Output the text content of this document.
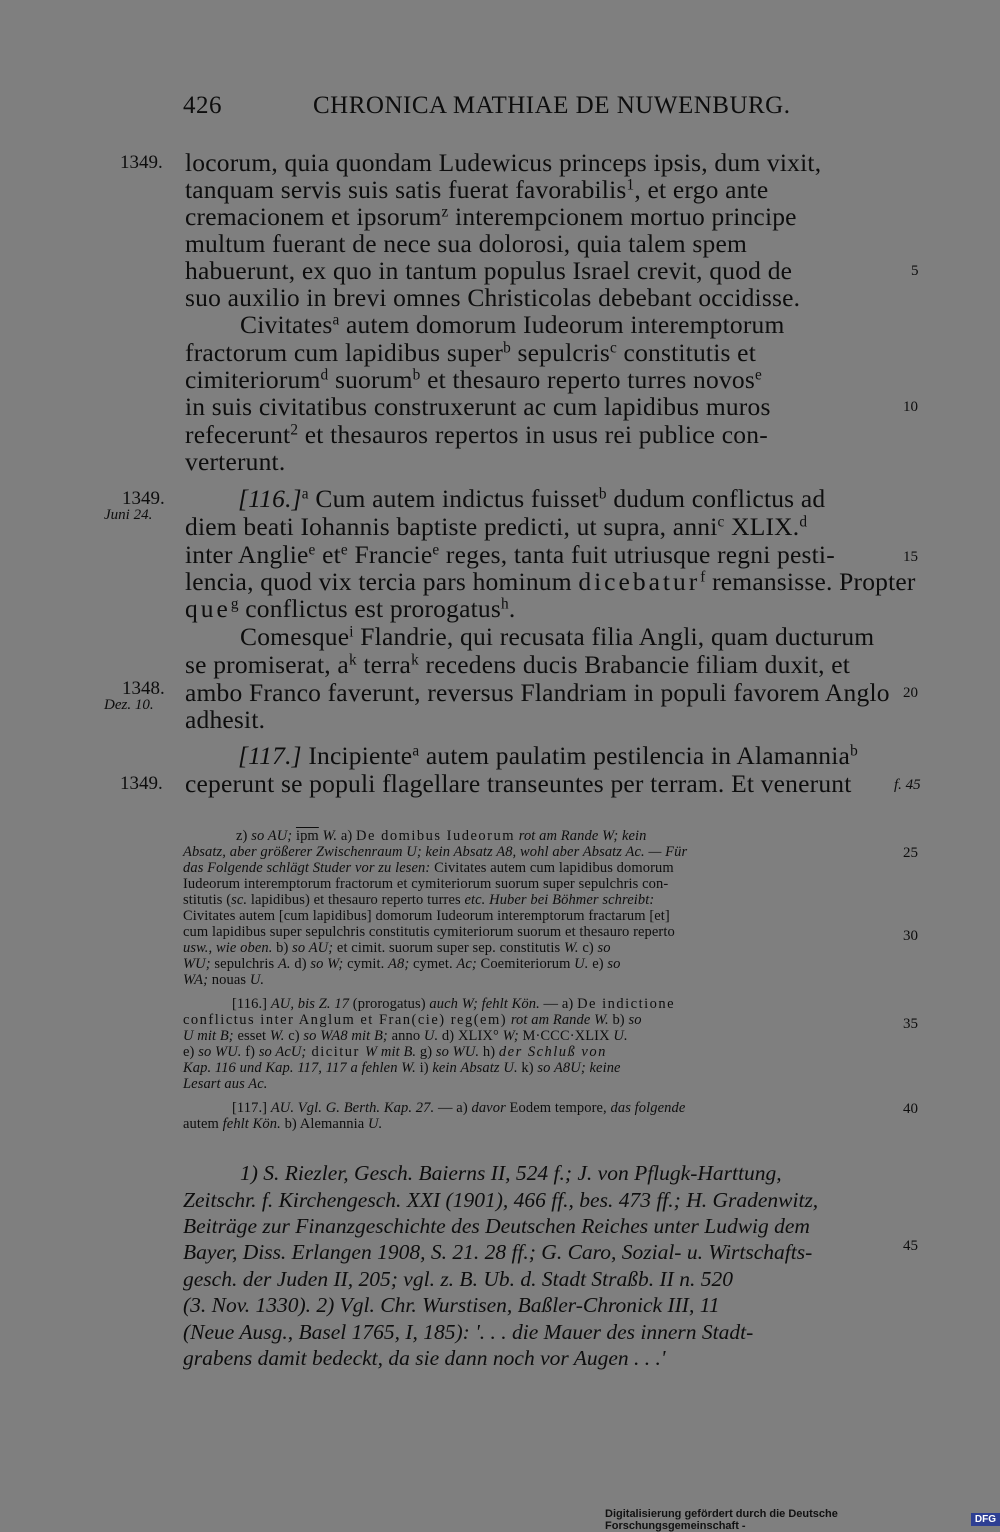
426	CHRONICA MATHIAE DE NUWENBURG.
1349.
1349.
Juni 24.
1348.
Dez. 10.
1349.
5
10
15
20
f. 45
25
30
35
40
45
locorum, quia quondam Ludewicus princeps ipsis, dum vixit,
tanquam servis suis satis fuerat favorabilis$^1$, et ergo ante
cremacionem et ipsorum$^z$ interempcionem mortuo principe
multum fuerant de nece sua dolorosi, quia talem spem
habuerunt, ex quo in tantum populus Israel crevit, quod de
suo auxilio in brevi omnes Christicolas debebant occidisse.
Civitates$^a$ autem domorum Iudeorum interemptorum
fractorum cum lapidibus super$^b$ sepulcris$^c$ constitutis et
cimiteriorum$^d$ suorum$^b$ et thesauro reperto turres novos$^e$
in suis civitatibus construxerunt ac cum lapidibus muros
refecerunt$^2$ et thesauros repertos in usus rei publice con-
verterunt.
$[116.]^a$ Cum autem indictus fuisset$^b$ dudum conflictus ad
diem beati Iohannis baptiste predicti, ut supra, anni$^c$ XLIX.$^d$
inter Anglie$^e$ $et^e$ Francie$^e$ reges, tanta fuit utriusque regni pesti-
lencia, quod vix tercia pars hominum dicebatur$^f$ remansisse. Propter
que$^g$ conflictus est prorogatus$^h$.
Comesque$^i$ Flandrie, qui recusata filia Angli, quam ducturum
se promiserat, $a^k$ terra$^k$ recedens ducis Brabancie filiam duxit, et
ambo Franco faverunt, reversus Flandriam in populi favorem Anglo
adhesit.
[117.] Incipiente$^a$ autem paulatim pestilencia in Alamannia$^b$
ceperunt se populi flagellare transeuntes per terram. Et venerunt
z) so AU; $\overline{ipm}$ W. a) De domibus Iudeorum rot am Rande W; kein
Absatz, aber größerer Zwischenraum U; kein Absatz A8, wohl aber Absatz Ac. — Für
das Folgende schlägt Studer vor zu lesen: Civitates autem cum lapidibus domorum
Iudeorum interemptorum fractorum et cymiteriorum suorum super sepulchris con-
stitutis (sc. lapidibus) et thesauro reperto turres etc. Huber bei Böhmer schreibt:
Civitates autem [cum lapidibus] domorum Iudeorum interemptorum fractarum [et]
cum lapidibus super sepulchris constitutis cymiteriorum suorum et thesauro reperto
usw., wie oben. b) so AU; et cimit. suorum super sep. constitutis W. c) so
WU; sepulchris A. d) so W; cymit. A8; cymet. Ac; Coemiteriorum U. e) so
WA; nouas U.
[116.] AU, bis Z. 17 (prorogatus) auch W; fehlt Kön. — a) De indictione
conflictus inter Anglum et Fran(cie) reg(em) rot am Rande W. b) so
U mit B; esset W. c) so WA8 mit B; anno U. d) XLIX° W; M·CCC·XLIX U.
e) so WU. f) so AcU; dicitur W mit B. g) so WU. h) der Schluß von
Kap. 116 und Kap. 117, 117 a fehlen W. i) kein Absatz U. k) so A8U; keine
Lesart aus Ac.
[117.] AU. Vgl. G. Berth. Kap. 27. — a) davor Eodem tempore, das folgende
autem fehlt Kön. b) Alemannia U.
1) S. Riezler, Gesch. Baierns II, 524 f.; J. von Pflugk-Harttung,
Zeitschr. f. Kirchengesch. XXI (1901), 466 ff., bes. 473 ff.; H. Gradenwitz,
Beiträge zur Finanzgeschichte des Deutschen Reiches unter Ludwig dem
Bayer, Diss. Erlangen 1908, S. 21. 28 ff.; G. Caro, Sozial- u. Wirtschafts-
gesch. der Juden II, 205; vgl. z. B. Ub. d. Stadt Straßb. II n. 520
(3. Nov. 1330). 2) Vgl. Chr. Wurstisen, Baßler-Chronick III, 11
(Neue Ausg., Basel 1765, I, 185): '. . . die Mauer des innern Stadt-
grabens damit bedeckt, da sie dann noch vor Augen . . .'
Digitalisierung gefördert durch die Deutsche Forschungsgemeinschaft -	DFG
